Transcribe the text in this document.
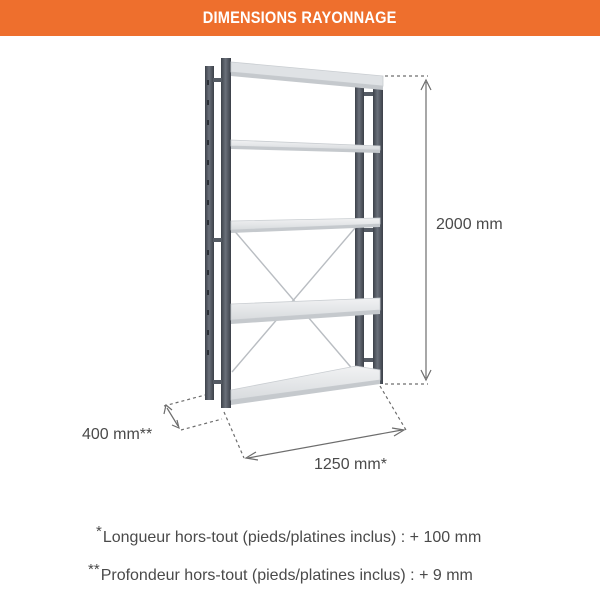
DIMENSIONS RAYONNAGE
2000 mm
400 mm**
1250 mm*
*Longueur hors-tout (pieds/platines inclus) : + 100 mm
**Profondeur hors-tout (pieds/platines inclus) : + 9 mm
